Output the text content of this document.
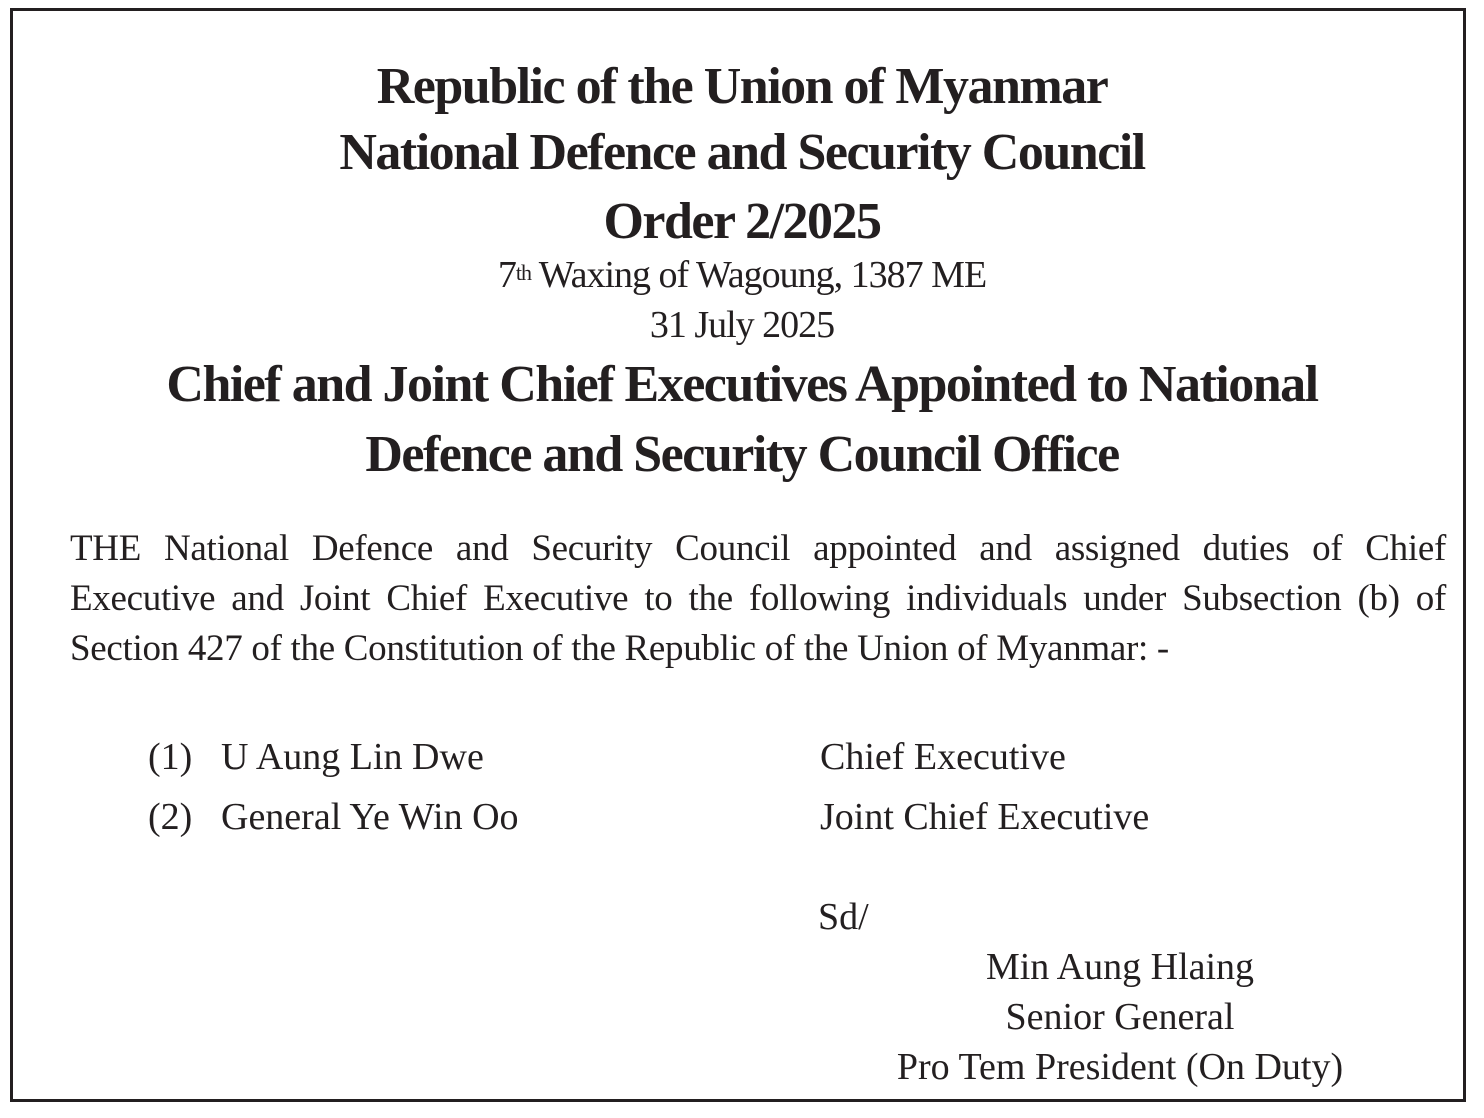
Republic of the Union of Myanmar
National Defence and Security Council
Order 2/2025
7th Waxing of Wagoung, 1387 ME
31 July 2025
Chief and Joint Chief Executives Appointed to National
Defence and Security Council Office
THE National Defence and Security Council appointed and assigned duties of Chief Executive and Joint Chief Executive to the following individuals under Subsection (b) of Section 427 of the Constitution of the Republic of the Union of Myanmar: -
(1) U Aung Lin Dwe	Chief Executive
(2) General Ye Win Oo	Joint Chief Executive
Sd/
Min Aung Hlaing
Senior General
Pro Tem President (On Duty)
